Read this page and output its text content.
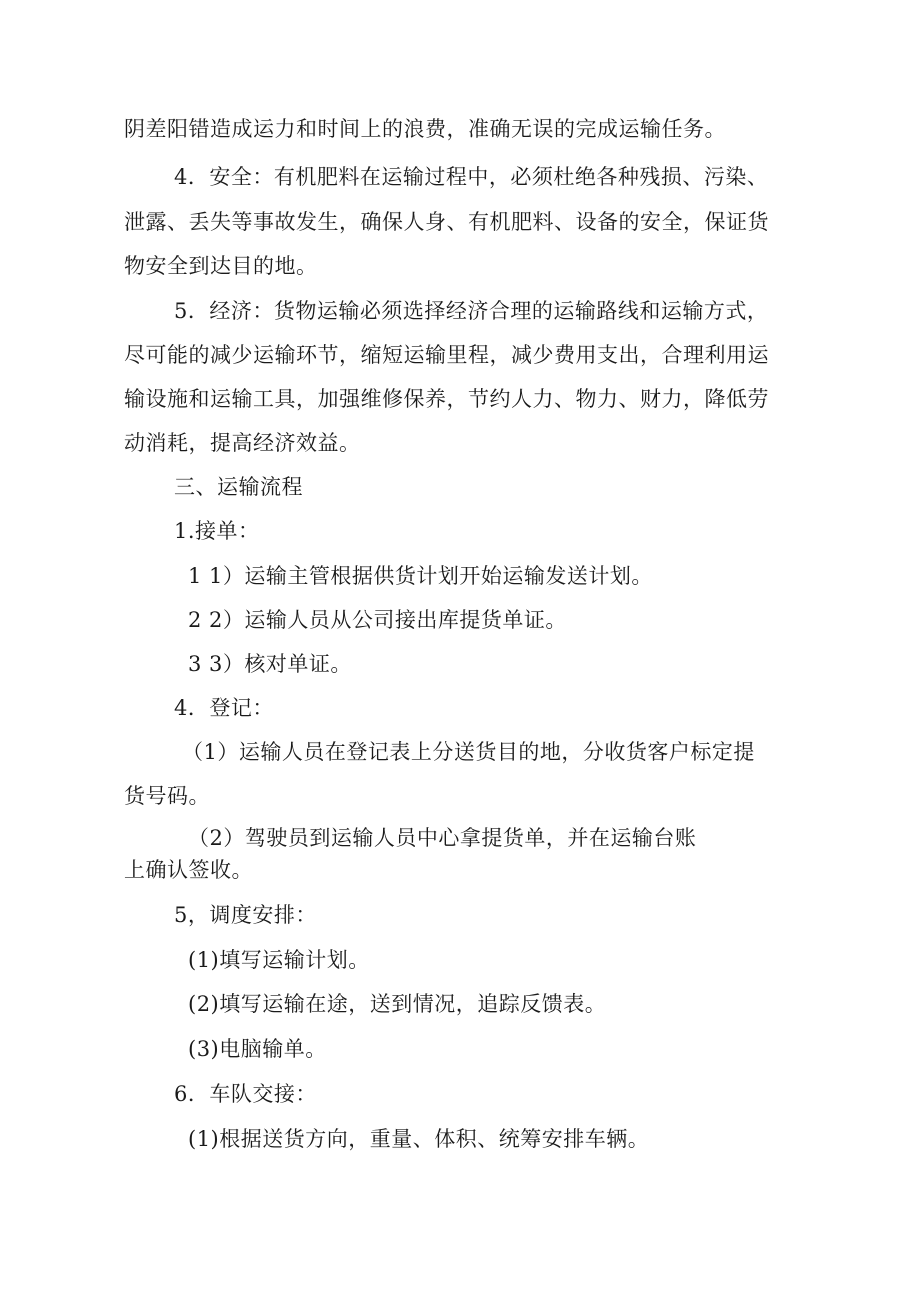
阴差阳错造成运力和时间上的浪费，准确无误的完成运输任务。
4．安全：有机肥料在运输过程中，必须杜绝各种残损、污染、
泄露、丢失等事故发生，确保人身、有机肥料、设备的安全，保证货
物安全到达目的地。
5．经济：货物运输必须选择经济合理的运输路线和运输方式，
尽可能的减少运输环节，缩短运输里程，减少费用支出，合理利用运
输设施和运输工具，加强维修保养，节约人力、物力、财力，降低劳
动消耗，提高经济效益。
三、运输流程
1.接单：
1 1）运输主管根据供货计划开始运输发送计划。
2 2）运输人员从公司接出库提货单证。
3 3）核对单证。
4．登记：
（1）运输人员在登记表上分送货目的地，分收货客户标定提
货号码。
（2）驾驶员到运输人员中心拿提货单，并在运输台账
上确认签收。
5，调度安排：
(1)填写运输计划。
(2)填写运输在途，送到情况，追踪反馈表。
(3)电脑输单。
6．车队交接：
(1)根据送货方向，重量、体积、统筹安排车辆。
